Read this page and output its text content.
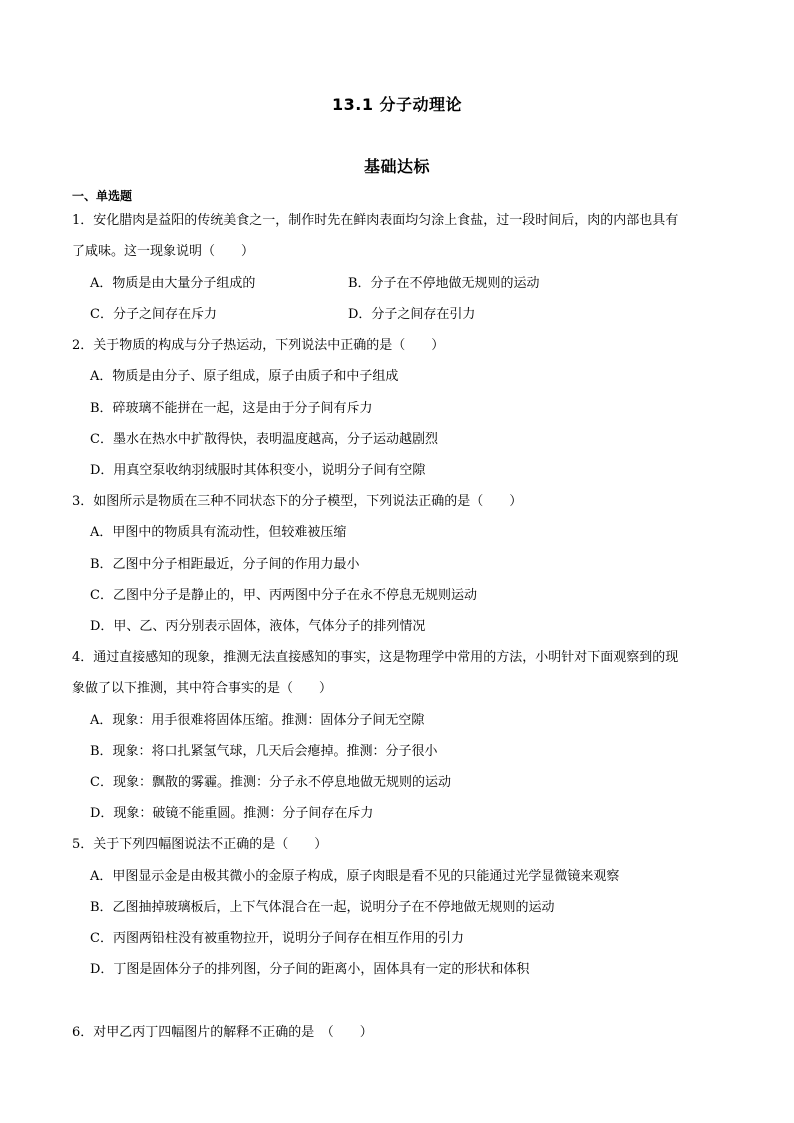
13.1 分子动理论
基础达标
一、单选题
1．安化腊肉是益阳的传统美食之一，制作时先在鲜肉表面均匀涂上食盐，过一段时间后，肉的内部也具有
了咸味。这一现象说明（　　）
A．物质是由大量分子组成的	B．分子在不停地做无规则的运动
C．分子之间存在斥力	D．分子之间存在引力
2．关于物质的构成与分子热运动，下列说法中正确的是（　　）
A．物质是由分子、原子组成，原子由质子和中子组成
B．碎玻璃不能拼在一起，这是由于分子间有斥力
C．墨水在热水中扩散得快，表明温度越高，分子运动越剧烈
D．用真空泵收纳羽绒服时其体积变小，说明分子间有空隙
3．如图所示是物质在三种不同状态下的分子模型，下列说法正确的是（　　）
A．甲图中的物质具有流动性，但较难被压缩
B．乙图中分子相距最近，分子间的作用力最小
C．乙图中分子是静止的，甲、丙两图中分子在永不停息无规则运动
D．甲、乙、丙分别表示固体，液体，气体分子的排列情况
4．通过直接感知的现象，推测无法直接感知的事实，这是物理学中常用的方法，小明针对下面观察到的现
象做了以下推测，其中符合事实的是（　　）
A．现象：用手很难将固体压缩。推测：固体分子间无空隙
B．现象：将口扎紧氢气球，几天后会瘪掉。推测：分子很小
C．现象：飘散的雾霾。推测：分子永不停息地做无规则的运动
D．现象：破镜不能重圆。推测：分子间存在斥力
5．关于下列四幅图说法不正确的是（　　）
A．甲图显示金是由极其微小的金原子构成，原子肉眼是看不见的只能通过光学显微镜来观察
B．乙图抽掉玻璃板后，上下气体混合在一起，说明分子在不停地做无规则的运动
C．丙图两铅柱没有被重物拉开，说明分子间存在相互作用的引力
D．丁图是固体分子的排列图，分子间的距离小，固体具有一定的形状和体积
6．对甲乙丙丁四幅图片的解释不正确的是　（　　）
